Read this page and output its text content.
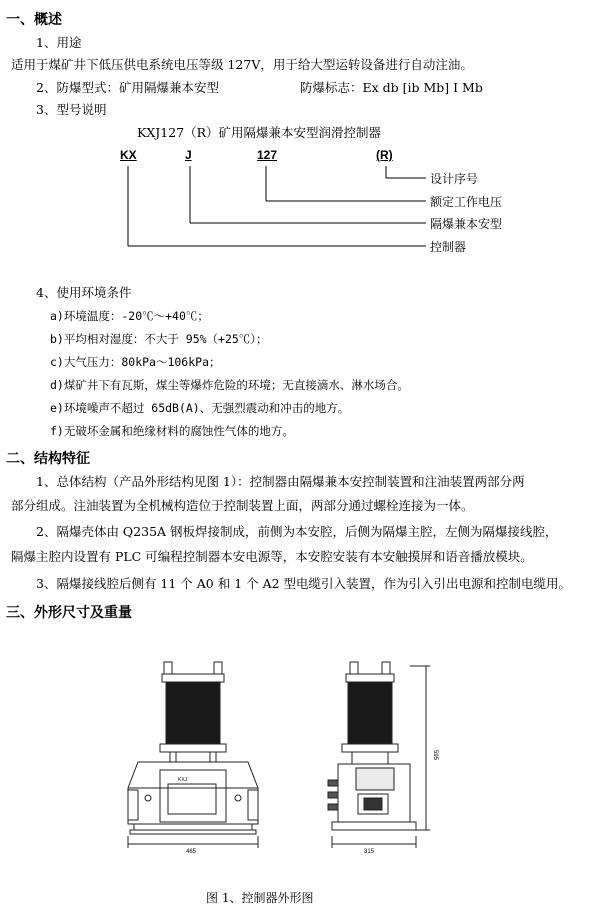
一、概述
1、用途
适用于煤矿井下低压供电系统电压等级 127V，用于给大型运转设备进行自动注油。
2、防爆型式：矿用隔爆兼本安型	防爆标志：Ex db [ib Mb] I Mb
3、型号说明
KXJ127（R）矿用隔爆兼本安型润滑控制器
KX	J	127	(R)
设计序号
额定工作电压
隔爆兼本安型
控制器
4、使用环境条件
a)环境温度：-20℃～+40℃；
b)平均相对湿度：不大于 95%（+25℃）；
c)大气压力：80kPa～106kPa；
d)煤矿井下有瓦斯，煤尘等爆炸危险的环境；无直接滴水、淋水场合。
e)环境噪声不超过 65dB(A)、无强烈震动和冲击的地方。
f)无破坏金属和绝缘材料的腐蚀性气体的地方。
二、结构特征
1、总体结构（产品外形结构见图 1）：控制器由隔爆兼本安控制装置和注油装置两部分两
部分组成。注油装置为全机械构造位于控制装置上面，两部分通过螺栓连接为一体。
2、隔爆壳体由 Q235A 钢板焊接制成，前侧为本安腔，后侧为隔爆主腔，左侧为隔爆接线腔，
隔爆主腔内设置有 PLC 可编程控制器本安电源等，本安腔安装有本安触摸屏和语音播放模块。
3、隔爆接线腔后侧有 11 个 A0 和 1 个 A2 型电缆引入装置，作为引入引出电源和控制电缆用。
三、外形尺寸及重量
KXJ
465	315
595
图 1、控制器外形图
